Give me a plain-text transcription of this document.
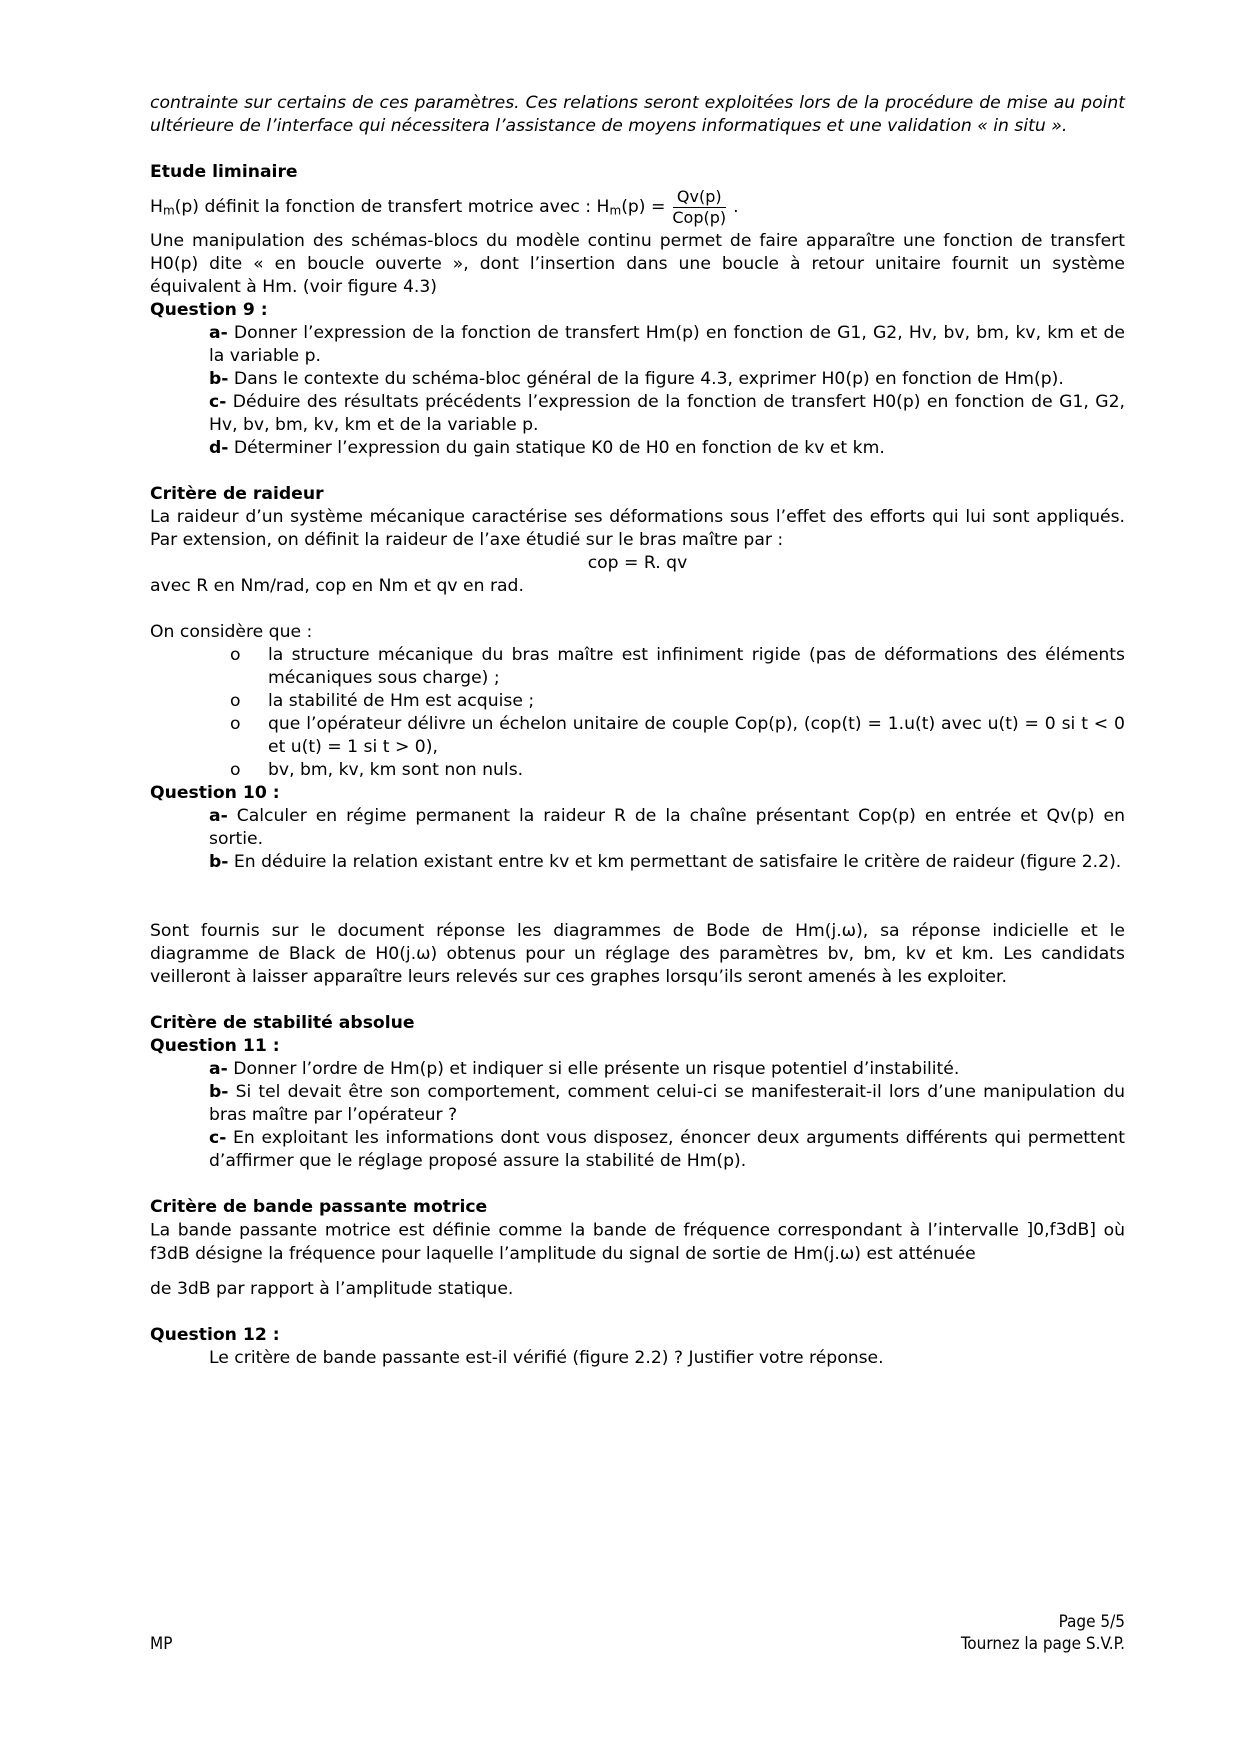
contrainte sur certains de ces paramètres. Ces relations seront exploitées lors de la procédure de mise au point ultérieure de l’interface qui nécessitera l’assistance de moyens informatiques et une validation « in situ ».

Etude liminaire

$H_m(p)$ définit la fonction de transfert motrice avec : $H_m(p) = \frac{Qv(p)}{\text{Cop(p)}}$ .

Une manipulation des schémas-blocs du modèle continu permet de faire apparaître une fonction de transfert H0(p) dite « en boucle ouverte », dont l’insertion dans une boucle à retour unitaire fournit un système équivalent à Hm. (voir figure 4.3)

Question 9 :

a- Donner l’expression de la fonction de transfert Hm(p) en fonction de G1, G2, Hv, bv, bm, kv, km et de la variable p.

b- Dans le contexte du schéma-bloc général de la figure 4.3, exprimer H0(p) en fonction de Hm(p).

c- Déduire des résultats précédents l’expression de la fonction de transfert H0(p) en fonction de G1, G2, Hv, bv, bm, kv, km et de la variable p.

d- Déterminer l’expression du gain statique K0 de H0 en fonction de kv et km.

Critère de raideur

La raideur d’un système mécanique caractérise ses déformations sous l’effet des efforts qui lui sont appliqués. Par extension, on définit la raideur de l’axe étudié sur le bras maître par :

cop = R. qv

avec R en Nm/rad, cop en Nm et qv en rad.

On considère que :

o la structure mécanique du bras maître est infiniment rigide (pas de déformations des éléments mécaniques sous charge) ;
o la stabilité de Hm est acquise ;
o que l’opérateur délivre un échelon unitaire de couple Cop(p), (cop(t) = 1.u(t) avec u(t) = 0 si t < 0 et u(t) = 1 si t > 0),
o bv, bm, kv, km sont non nuls.

Question 10 :

a- Calculer en régime permanent la raideur R de la chaîne présentant Cop(p) en entrée et Qv(p) en sortie.

b- En déduire la relation existant entre kv et km permettant de satisfaire le critère de raideur (figure 2.2).

Sont fournis sur le document réponse les diagrammes de Bode de Hm(j.ω), sa réponse indicielle et le diagramme de Black de H0(j.ω) obtenus pour un réglage des paramètres bv, bm, kv et km. Les candidats veilleront à laisser apparaître leurs relevés sur ces graphes lorsqu’ils seront amenés à les exploiter.

Critère de stabilité absolue

Question 11 :

a- Donner l’ordre de Hm(p) et indiquer si elle présente un risque potentiel d’instabilité.

b- Si tel devait être son comportement, comment celui-ci se manifesterait-il lors d’une manipulation du bras maître par l’opérateur ?

c- En exploitant les informations dont vous disposez, énoncer deux arguments différents qui permettent d’affirmer que le réglage proposé assure la stabilité de Hm(p).

Critère de bande passante motrice

La bande passante motrice est définie comme la bande de fréquence correspondant à l’intervalle ]0,f3dB] où f3dB désigne la fréquence pour laquelle l’amplitude du signal de sortie de Hm(j.ω) est atténuée

de 3dB par rapport à l’amplitude statique.

Question 12 :

Le critère de bande passante est-il vérifié (figure 2.2) ? Justifier votre réponse.

MP
Page 5/5
Tournez la page S.V.P.
